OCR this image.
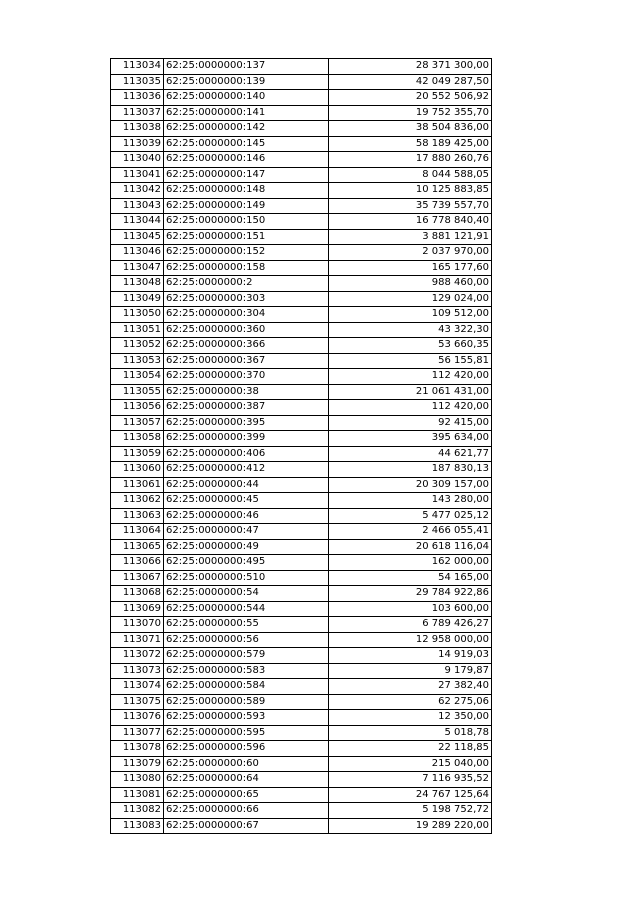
113034	62:25:0000000:137	28 371 300,00
113035	62:25:0000000:139	42 049 287,50
113036	62:25:0000000:140	20 552 506,92
113037	62:25:0000000:141	19 752 355,70
113038	62:25:0000000:142	38 504 836,00
113039	62:25:0000000:145	58 189 425,00
113040	62:25:0000000:146	17 880 260,76
113041	62:25:0000000:147	8 044 588,05
113042	62:25:0000000:148	10 125 883,85
113043	62:25:0000000:149	35 739 557,70
113044	62:25:0000000:150	16 778 840,40
113045	62:25:0000000:151	3 881 121,91
113046	62:25:0000000:152	2 037 970,00
113047	62:25:0000000:158	165 177,60
113048	62:25:0000000:2	988 460,00
113049	62:25:0000000:303	129 024,00
113050	62:25:0000000:304	109 512,00
113051	62:25:0000000:360	43 322,30
113052	62:25:0000000:366	53 660,35
113053	62:25:0000000:367	56 155,81
113054	62:25:0000000:370	112 420,00
113055	62:25:0000000:38	21 061 431,00
113056	62:25:0000000:387	112 420,00
113057	62:25:0000000:395	92 415,00
113058	62:25:0000000:399	395 634,00
113059	62:25:0000000:406	44 621,77
113060	62:25:0000000:412	187 830,13
113061	62:25:0000000:44	20 309 157,00
113062	62:25:0000000:45	143 280,00
113063	62:25:0000000:46	5 477 025,12
113064	62:25:0000000:47	2 466 055,41
113065	62:25:0000000:49	20 618 116,04
113066	62:25:0000000:495	162 000,00
113067	62:25:0000000:510	54 165,00
113068	62:25:0000000:54	29 784 922,86
113069	62:25:0000000:544	103 600,00
113070	62:25:0000000:55	6 789 426,27
113071	62:25:0000000:56	12 958 000,00
113072	62:25:0000000:579	14 919,03
113073	62:25:0000000:583	9 179,87
113074	62:25:0000000:584	27 382,40
113075	62:25:0000000:589	62 275,06
113076	62:25:0000000:593	12 350,00
113077	62:25:0000000:595	5 018,78
113078	62:25:0000000:596	22 118,85
113079	62:25:0000000:60	215 040,00
113080	62:25:0000000:64	7 116 935,52
113081	62:25:0000000:65	24 767 125,64
113082	62:25:0000000:66	5 198 752,72
113083	62:25:0000000:67	19 289 220,00
